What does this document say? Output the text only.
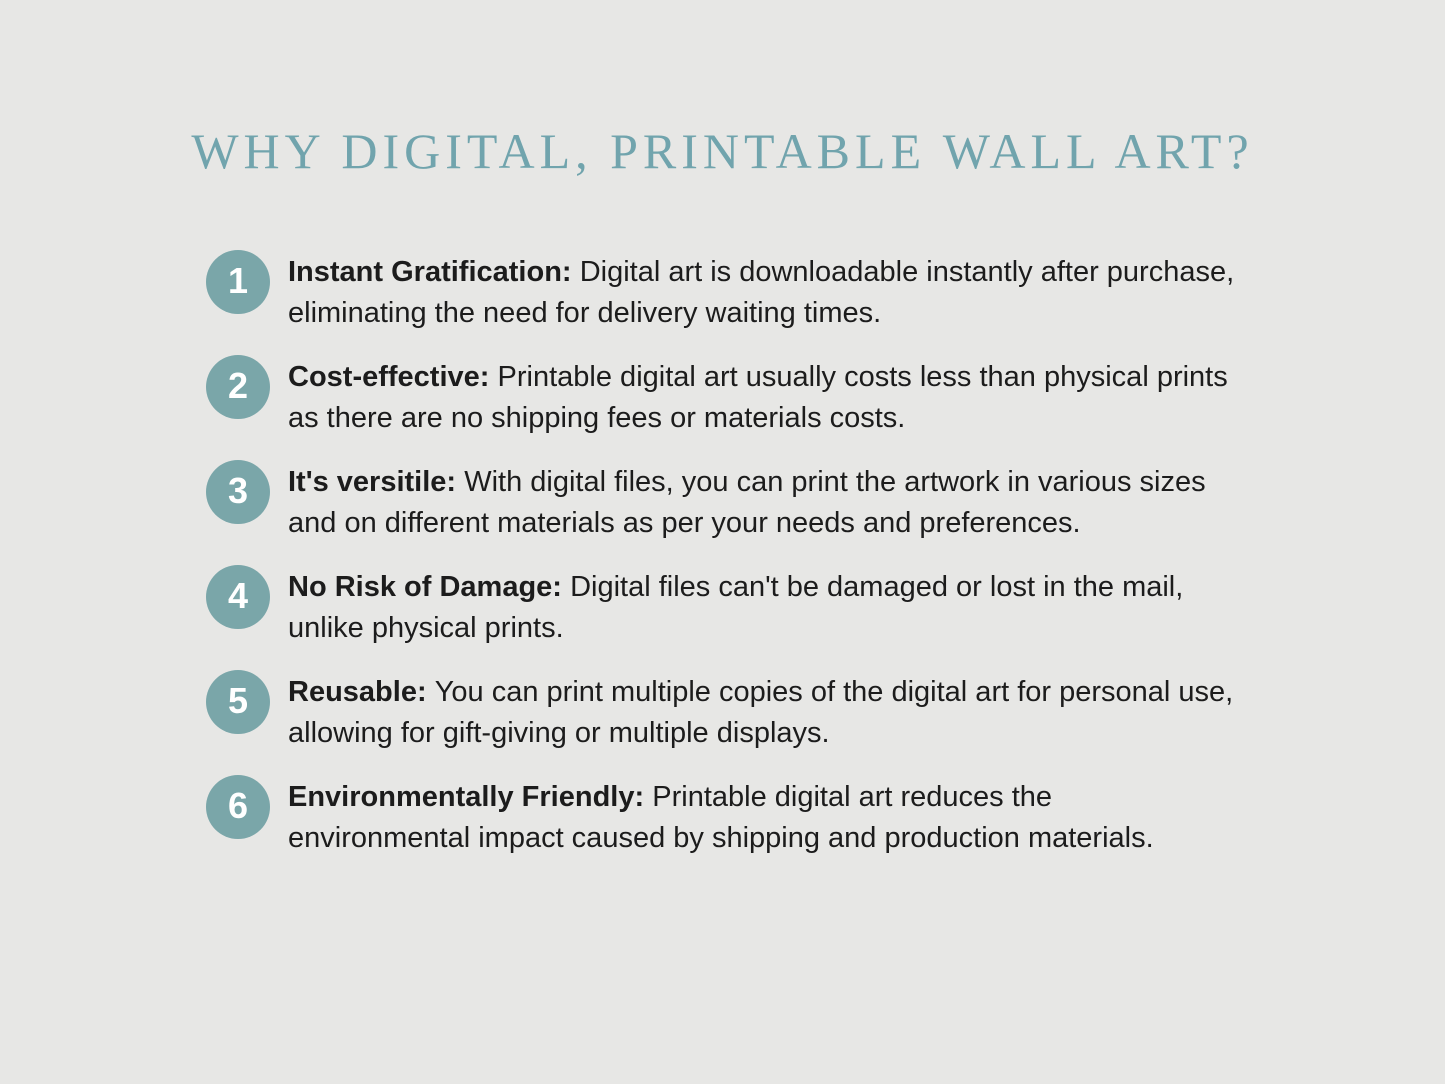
WHY DIGITAL, PRINTABLE WALL ART?
1 Instant Gratification: Digital art is downloadable instantly after purchase, eliminating the need for delivery waiting times.

2 Cost-effective: Printable digital art usually costs less than physical prints as there are no shipping fees or materials costs.

3 It's versitile: With digital files, you can print the artwork in various sizes and on different materials as per your needs and preferences.

4 No Risk of Damage: Digital files can't be damaged or lost in the mail, unlike physical prints.

5 Reusable: You can print multiple copies of the digital art for personal use, allowing for gift-giving or multiple displays.

6 Environmentally Friendly: Printable digital art reduces the environmental impact caused by shipping and production materials.
